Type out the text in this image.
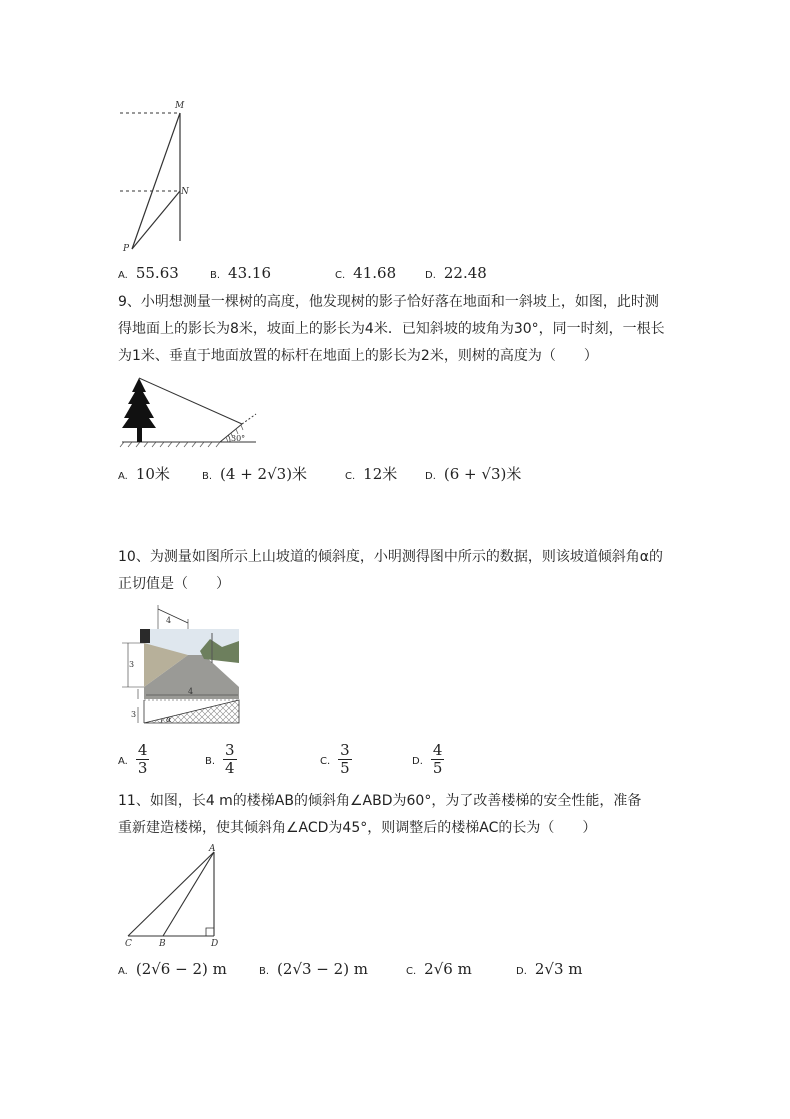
M
N
P
A. 55.63	B. 43.16	C. 41.68	D. 22.48
9、小明想测量一棵树的高度，他发现树的影子恰好落在地面和一斜坡上，如图，此时测
得地面上的影长为8米，坡面上的影长为4米．已知斜坡的坡角为30°，同一时刻，一根长
为1米、垂直于地面放置的标杆在地面上的影长为2米，则树的高度为（　　）
30°
A. 10米	B. (4 + 2√3)米	C. 12米	D. (6 + √3)米
10、为测量如图所示上山坡道的倾斜度，小明测得图中所示的数据，则该坡道倾斜角α的
正切值是（　　）
4
3
3
4
α
A. $\frac{4}{3}$	B. $\frac{3}{4}$	C. $\frac{3}{5}$	D. $\frac{4}{5}$
11、如图，长4 m的楼梯AB的倾斜角∠ABD为60°，为了改善楼梯的安全性能，准备
重新建造楼梯，使其倾斜角∠ACD为45°，则调整后的楼梯AC的长为（　　）
A
C	B	D
A. (2√6 − 2) m	B. (2√3 − 2) m	C. 2√6 m	D. 2√3 m
